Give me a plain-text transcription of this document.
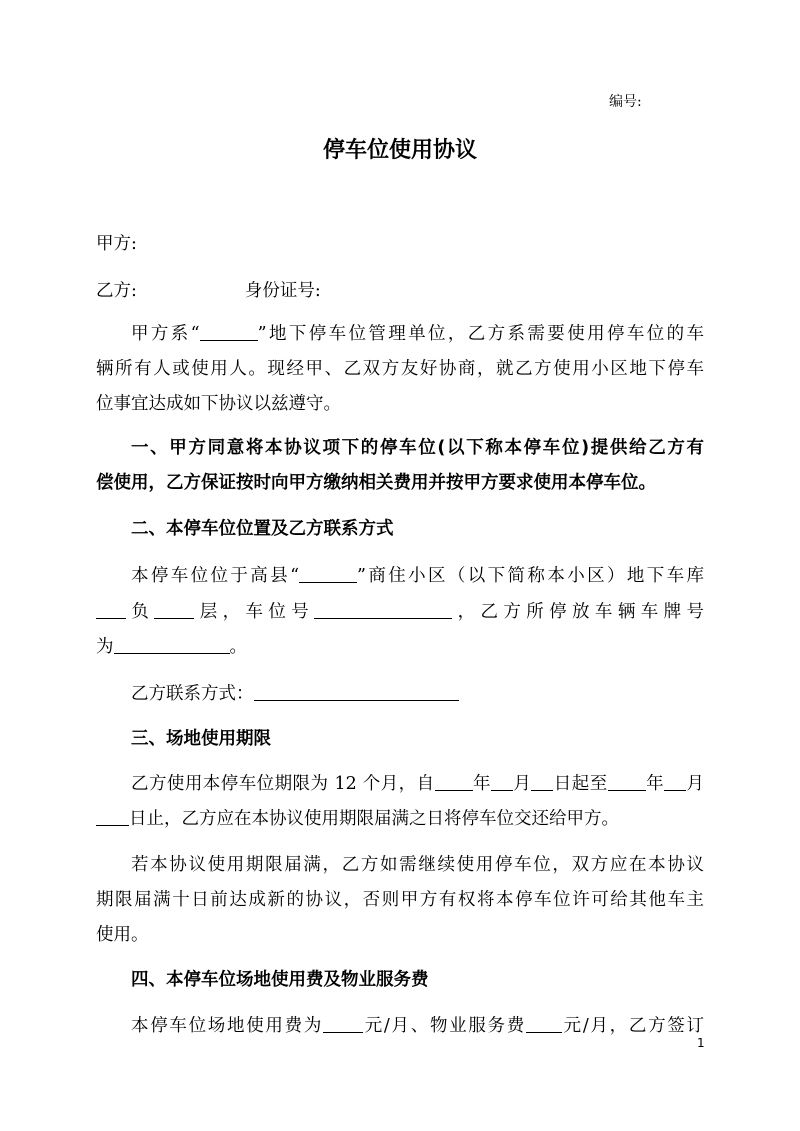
编号:
停车位使用协议
甲方:
乙方:	身份证号:
甲方系“	”地下停车位管理单位，乙方系需要使用停车位的车
辆所有人或使用人。现经甲、乙双方友好协商，就乙方使用小区地下停车
位事宜达成如下协议以兹遵守。
一、甲方同意将本协议项下的停车位(以下称本停车位)提供给乙方有
偿使用，乙方保证按时向甲方缴纳相关费用并按甲方要求使用本停车位。
二、本停车位位置及乙方联系方式
本停车位位于高县“	”商住小区（以下简称本小区）地下车库
负 层，车位号	，乙方所停放车辆车牌号
为	。
乙方联系方式：
三、场地使用期限
乙方使用本停车位期限为 12 个月，自 年 月 日起至 年 月
日止，乙方应在本协议使用期限届满之日将停车位交还给甲方。
若本协议使用期限届满，乙方如需继续使用停车位，双方应在本协议
期限届满十日前达成新的协议，否则甲方有权将本停车位许可给其他车主
使用。
四、本停车位场地使用费及物业服务费
本停车位场地使用费为 元/月、物业服务费 元/月，乙方签订
1
